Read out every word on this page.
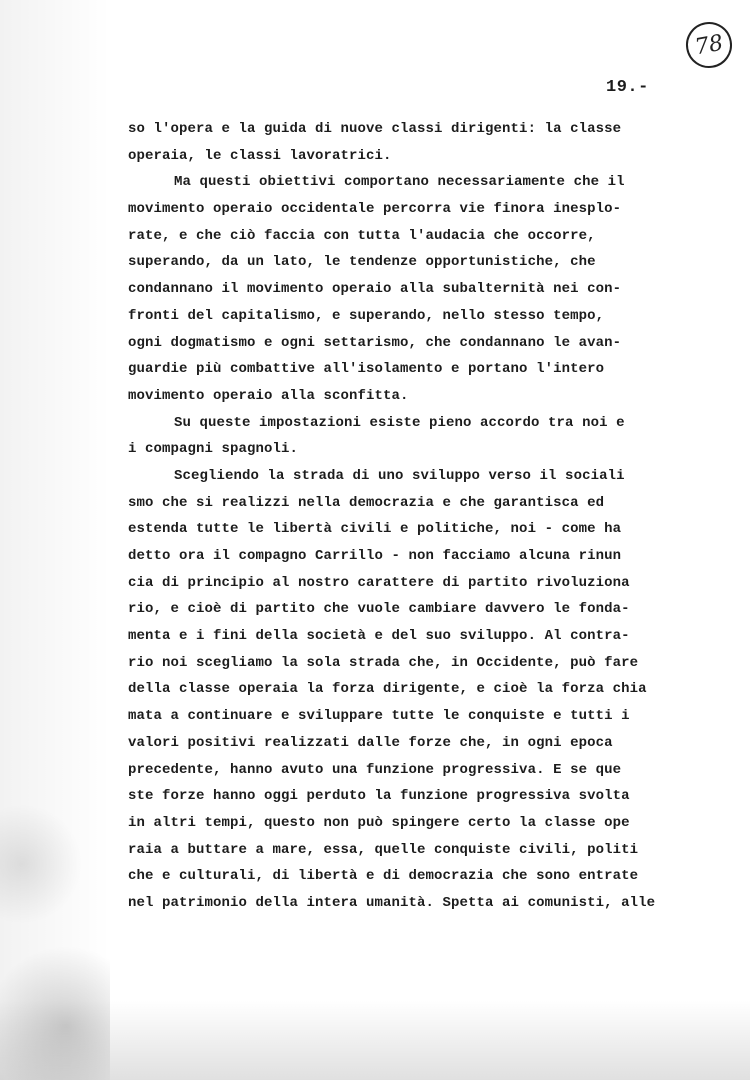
78
19.-
so l'opera e la guida di nuove classi dirigenti: la classe
operaia, le classi lavoratrici.
Ma questi obiettivi comportano necessariamente che il
movimento operaio occidentale percorra vie finora inesplo-
rate, e che ciò faccia con tutta l'audacia che occorre,
superando, da un lato, le tendenze opportunistiche, che
condannano il movimento operaio alla subalternità nei con-
fronti del capitalismo, e superando, nello stesso tempo,
ogni dogmatismo e ogni settarismo, che condannano le avan-
guardie più combattive all'isolamento e portano l'intero
movimento operaio alla sconfitta.
Su queste impostazioni esiste pieno accordo tra noi e
i compagni spagnoli.
Scegliendo la strada di uno sviluppo verso il sociali
smo che si realizzi nella democrazia e che garantisca ed
estenda tutte le libertà civili e politiche, noi - come ha
detto ora il compagno Carrillo - non facciamo alcuna rinun
cia di principio al nostro carattere di partito rivoluziona
rio, e cioè di partito che vuole cambiare davvero le fonda-
menta e i fini della società e del suo sviluppo. Al contra-
rio noi scegliamo la sola strada che, in Occidente, può fare
della classe operaia la forza dirigente, e cioè la forza chia
mata a continuare e sviluppare tutte le conquiste e tutti i
valori positivi realizzati dalle forze che, in ogni epoca
precedente, hanno avuto una funzione progressiva. E se que
ste forze hanno oggi perduto la funzione progressiva svolta
in altri tempi, questo non può spingere certo la classe ope
raia a buttare a mare, essa, quelle conquiste civili, politi
che e culturali, di libertà e di democrazia che sono entrate
nel patrimonio della intera umanità. Spetta ai comunisti, alle
